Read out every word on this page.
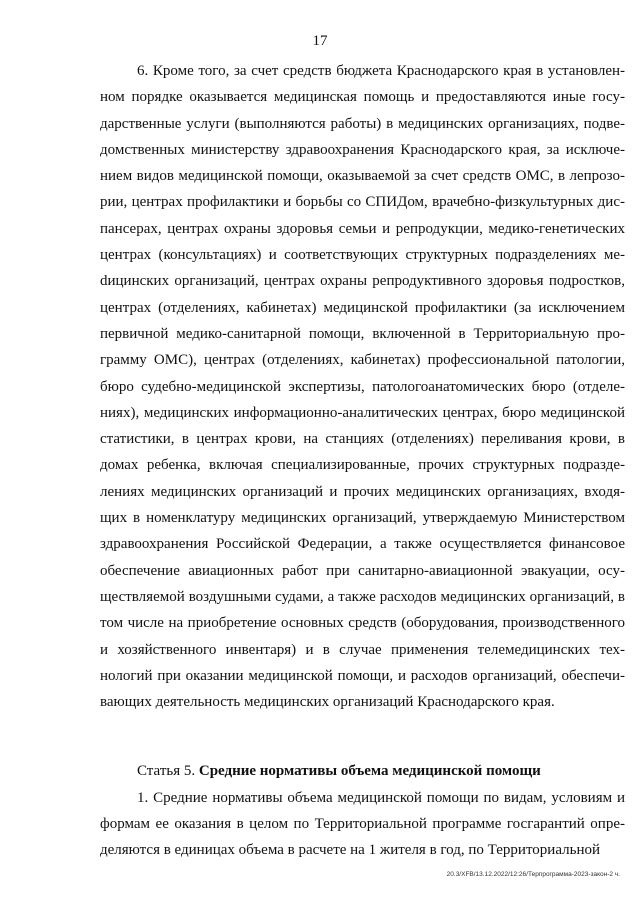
17

6. Кроме того, за счет средств бюджета Краснодарского края в установленном порядке оказывается медицинская помощь и предоставляются иные государственные услуги (выполняются работы) в медицинских организациях, подведомственных министерству здравоохранения Краснодарского края, за исключением видов медицинской помощи, оказываемой за счет средств ОМС, в лепрозории, центрах профилактики и борьбы со СПИДом, врачебно-физкультурных диспансерах, центрах охраны здоровья семьи и репродукции, медико-генетических центрах (консультациях) и соответствующих структурных подразделениях меdицинских организаций, центрах охраны репродуктивного здоровья подростков, центрах (отделениях, кабинетах) медицинской профилактики (за исключением первичной медико-санитарной помощи, включенной в Территориальную программу ОМС), центрах (отделениях, кабинетах) профессиональной патологии, бюро судебно-медицинской экспертизы, патологоанатомических бюро (отделениях), медицинских информационно-аналитических центрах, бюро медицинской статистики, в центрах крови, на станциях (отделениях) переливания крови, в домах ребенка, включая специализированные, прочих структурных подразделениях медицинских организаций и прочих медицинских организациях, входящих в номенклатуру медицинских организаций, утверждаемую Министерством здравоохранения Российской Федерации, а также осуществляется финансовое обеспечение авиационных работ при санитарно-авиационной эвакуации, осуществляемой воздушными судами, а также расходов медицинских организаций, в том числе на приобретение основных средств (оборудования, производственного и хозяйственного инвентаря) и в случае применения телемедицинских технологий при оказании медицинской помощи, и расходов организаций, обеспечивающих деятельность медицинских организаций Краснодарского края.

Статья 5. Средние нормативы объема медицинской помощи

1. Средние нормативы объема медицинской помощи по видам, условиям и формам ее оказания в целом по Территориальной программе госгарантий определяются в единицах объема в расчете на 1 жителя в год, по Территориальной

20.3/XFB/13.12.2022/12:26/Терпрограмма-2023-закон-2 ч.
